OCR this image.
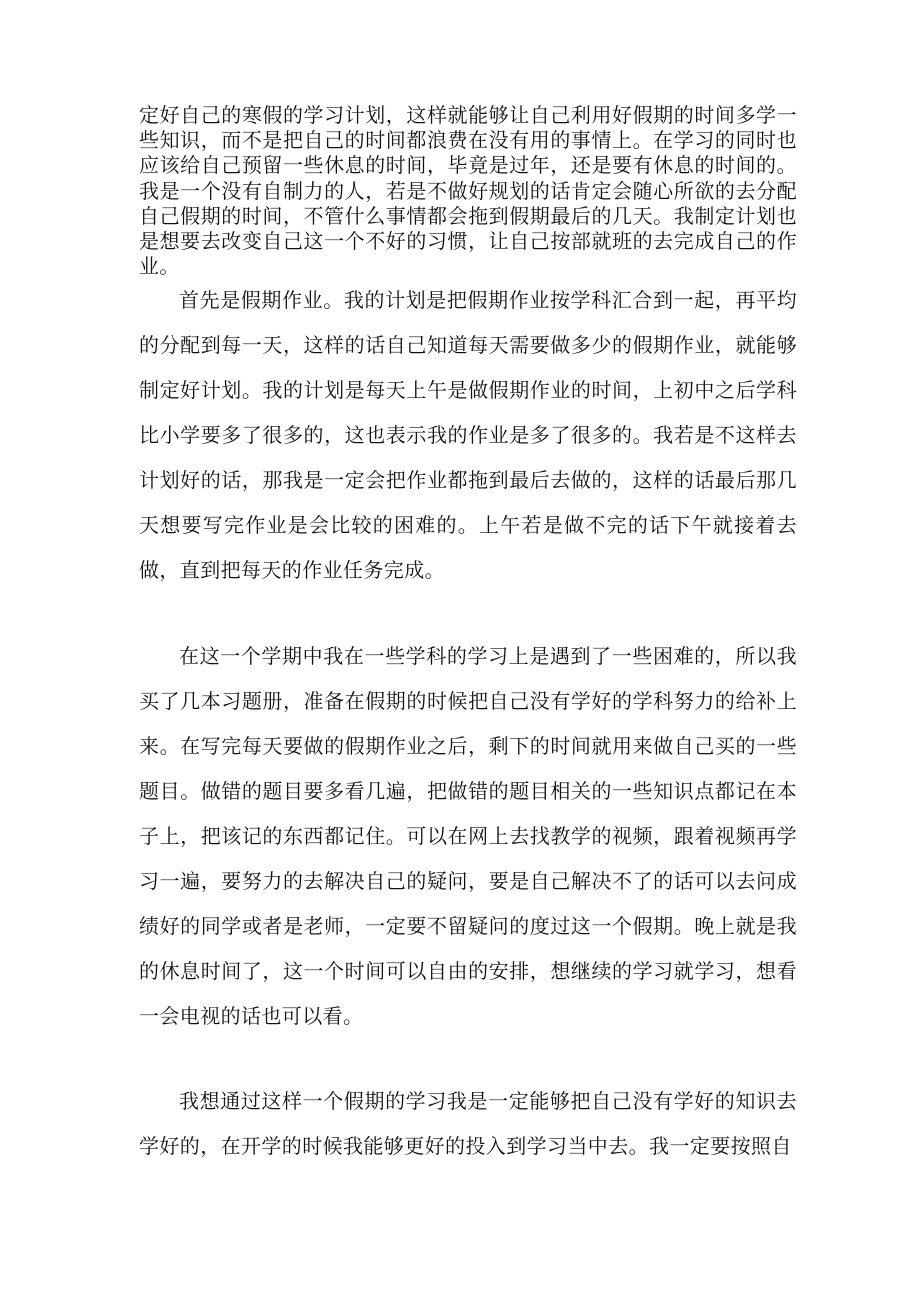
定好自己的寒假的学习计划，这样就能够让自己利用好假期的时间多学一些知识，而不是把自己的时间都浪费在没有用的事情上。在学习的同时也应该给自己预留一些休息的时间，毕竟是过年，还是要有休息的时间的。我是一个没有自制力的人，若是不做好规划的话肯定会随心所欲的去分配自己假期的时间，不管什么事情都会拖到假期最后的几天。我制定计划也是想要去改变自己这一个不好的习惯，让自己按部就班的去完成自己的作业。

首先是假期作业。我的计划是把假期作业按学科汇合到一起，再平均的分配到每一天，这样的话自己知道每天需要做多少的假期作业，就能够制定好计划。我的计划是每天上午是做假期作业的时间，上初中之后学科比小学要多了很多的，这也表示我的作业是多了很多的。我若是不这样去计划好的话，那我是一定会把作业都拖到最后去做的，这样的话最后那几天想要写完作业是会比较的困难的。上午若是做不完的话下午就接着去做，直到把每天的作业任务完成。

在这一个学期中我在一些学科的学习上是遇到了一些困难的，所以我买了几本习题册，准备在假期的时候把自己没有学好的学科努力的给补上来。在写完每天要做的假期作业之后，剩下的时间就用来做自己买的一些题目。做错的题目要多看几遍，把做错的题目相关的一些知识点都记在本子上，把该记的东西都记住。可以在网上去找教学的视频，跟着视频再学习一遍，要努力的去解决自己的疑问，要是自己解决不了的话可以去问成绩好的同学或者是老师，一定要不留疑问的度过这一个假期。晚上就是我的休息时间了，这一个时间可以自由的安排，想继续的学习就学习，想看一会电视的话也可以看。

我想通过这样一个假期的学习我是一定能够把自己没有学好的知识去学好的，在开学的时候我能够更好的投入到学习当中去。我一定要按照自
